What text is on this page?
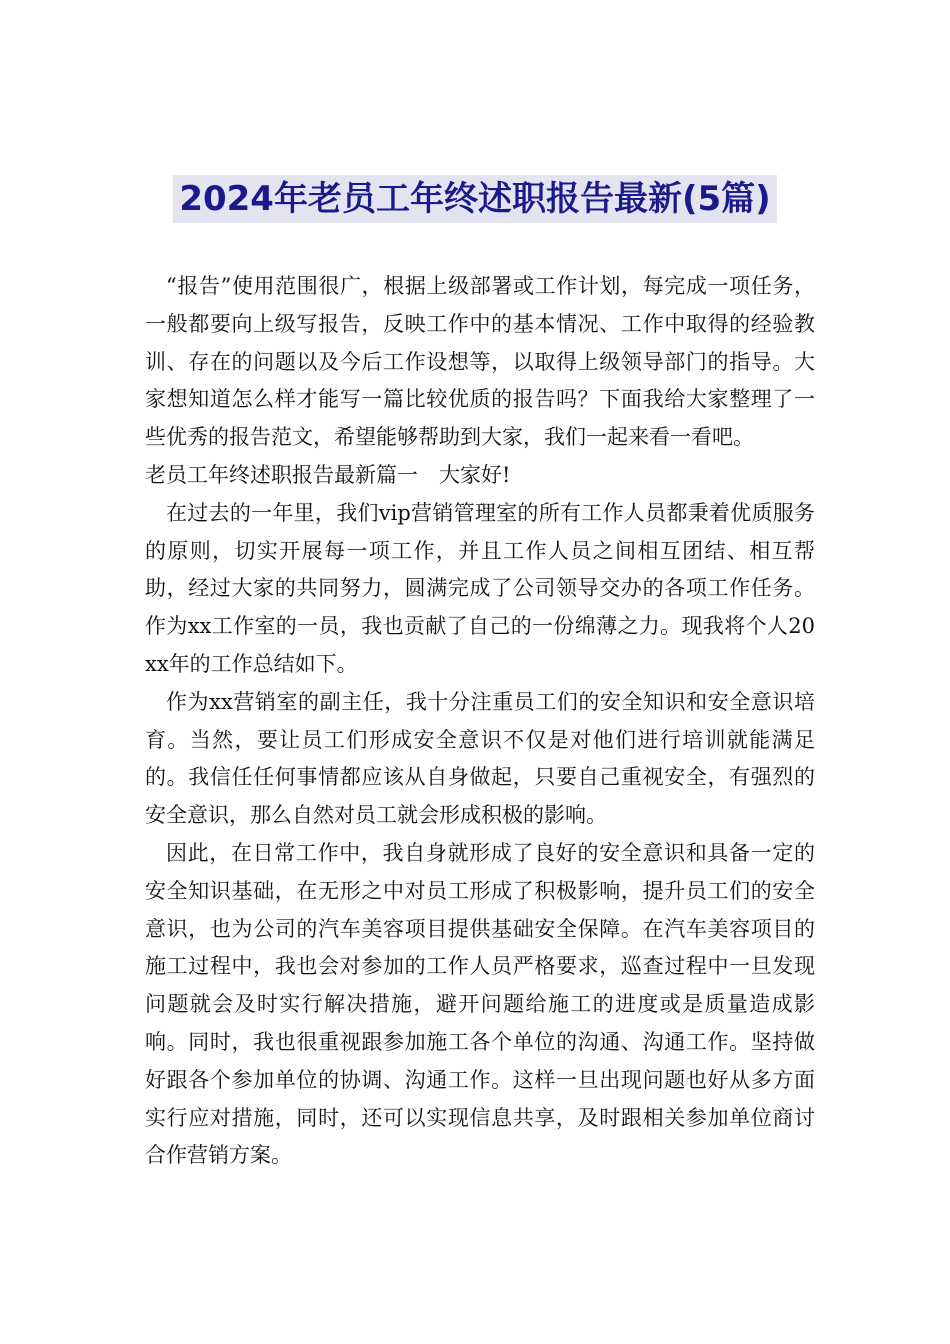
2024年老员工年终述职报告最新(5篇)

“报告”使用范围很广，根据上级部署或工作计划，每完成一项任务，一般都要向上级写报告，反映工作中的基本情况、工作中取得的经验教训、存在的问题以及今后工作设想等，以取得上级领导部门的指导。大家想知道怎么样才能写一篇比较优质的报告吗？下面我给大家整理了一些优秀的报告范文，希望能够帮助到大家，我们一起来看一看吧。

老员工年终述职报告最新篇一　大家好!

在过去的一年里，我们vip营销管理室的所有工作人员都秉着优质服务的原则，切实开展每一项工作，并且工作人员之间相互团结、相互帮助，经过大家的共同努力，圆满完成了公司领导交办的各项工作任务。作为xx工作室的一员，我也贡献了自己的一份绵薄之力。现我将个人20xx年的工作总结如下。

作为xx营销室的副主任，我十分注重员工们的安全知识和安全意识培育。当然，要让员工们形成安全意识不仅是对他们进行培训就能满足的。我信任任何事情都应该从自身做起，只要自己重视安全，有强烈的安全意识，那么自然对员工就会形成积极的影响。

因此，在日常工作中，我自身就形成了良好的安全意识和具备一定的安全知识基础，在无形之中对员工形成了积极影响，提升员工们的安全意识，也为公司的汽车美容项目提供基础安全保障。在汽车美容项目的施工过程中，我也会对参加的工作人员严格要求，巡查过程中一旦发现问题就会及时实行解决措施，避开问题给施工的进度或是质量造成影响。同时，我也很重视跟参加施工各个单位的沟通、沟通工作。坚持做好跟各个参加单位的协调、沟通工作。这样一旦出现问题也好从多方面实行应对措施，同时，还可以实现信息共享，及时跟相关参加单位商讨合作营销方案。
